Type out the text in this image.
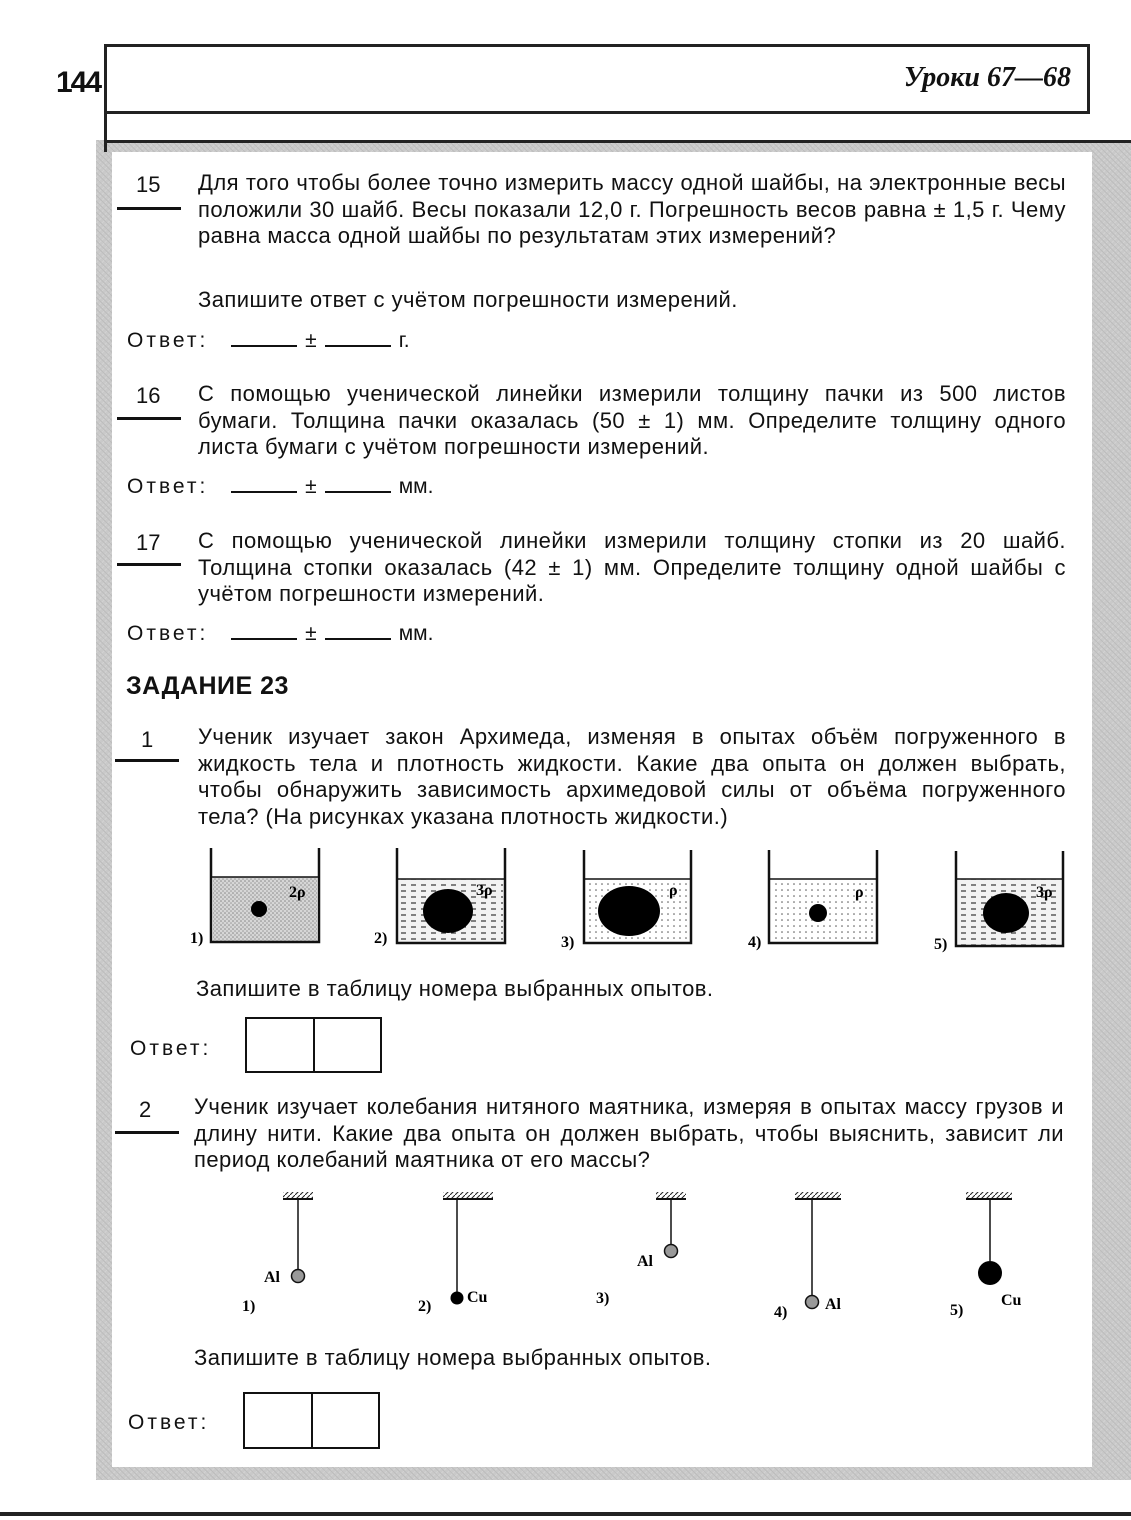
144	Уроки 67—68
15 Для того чтобы более точно измерить массу одной шайбы, на электронные весы положили 30 шайб. Весы показали 12,0 г. Погрешность весов равна ± 1,5 г. Чему равна масса одной шайбы по результатам этих измерений?
Запишите ответ с учётом погрешности измерений.
Ответ:	±	г.
16 С помощью ученической линейки измерили толщину пачки из 500 листов бумаги. Толщина пачки оказалась (50 ± 1) мм. Определите толщину одного листа бумаги с учётом погрешности измерений.
Ответ:	±	мм.
17 С помощью ученической линейки измерили толщину стопки из 20 шайб. Толщина стопки оказалась (42 ± 1) мм. Определите толщину одной шайбы с учётом погрешности измерений.
Ответ:	±	мм.
ЗАДАНИЕ 23
1 Ученик изучает закон Архимеда, изменяя в опытах объём погруженного в жидкость тела и плотность жидкости. Какие два опыта он должен выбрать, чтобы обнаружить зависимость архимедовой силы от объёма погруженного тела? (На рисунках указана плотность жидкости.)
2ρ
1)
3ρ
2)
ρ
3)
ρ
4)
3ρ
5)
Al
1)
Cu
2)
Al
3)	Al
4)
Cu
5)
Запишите в таблицу номера выбранных опытов.
Ответ:
2 Ученик изучает колебания нитяного маятника, измеряя в опытах массу грузов и длину нити. Какие два опыта он должен выбрать, чтобы выяснить, зависит ли период колебаний маятника от его массы?
Запишите в таблицу номера выбранных опытов.
Ответ:
